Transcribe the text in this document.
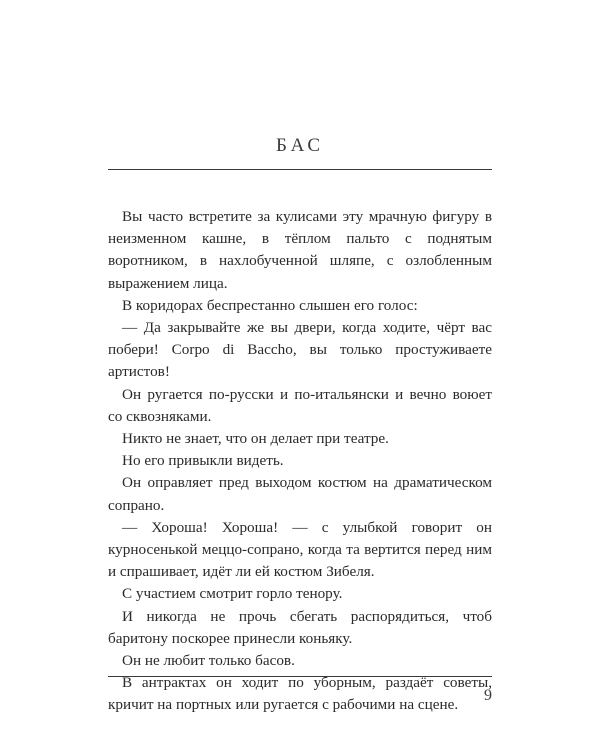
БАС

Вы часто встретите за кулисами эту мрачную фигуру в неизменном кашне, в тёплом пальто с поднятым воротником, в нахлобученной шляпе, с озлобленным выражением лица.

В коридорах беспрестанно слышен его голос:

— Да закрывайте же вы двери, когда ходите, чёрт вас побери! Corpo di Baccho, вы только простуживаете артистов!

Он ругается по-русски и по-итальянски и вечно воюет со сквозняками.

Никто не знает, что он делает при театре.

Но его привыкли видеть.

Он оправляет пред выходом костюм на драматическом сопрано.

— Хороша! Хороша! — с улыбкой говорит он курносенькой меццо-сопрано, когда та вертится перед ним и спрашивает, идёт ли ей костюм Зибеля.

С участием смотрит горло тенору.

И никогда не прочь сбегать распорядиться, чтоб баритону поскорее принесли коньяку.

Он не любит только басов.

В антрактах он ходит по уборным, раздаёт советы, кричит на портных или ругается с рабочими на сцене.

9
